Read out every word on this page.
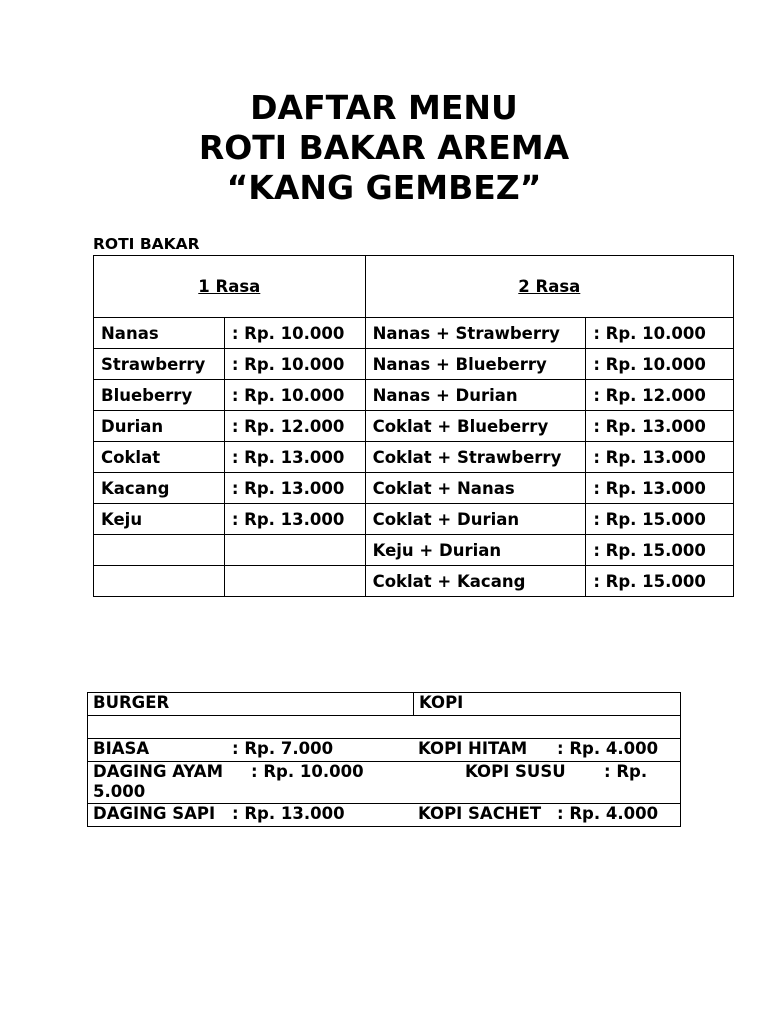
DAFTAR MENU
ROTI BAKAR AREMA
“KANG GEMBEZ”
ROTI BAKAR
1 Rasa		2 Rasa	
Nanas	: Rp. 10.000	Nanas + Strawberry	: Rp. 10.000
Strawberry	: Rp. 10.000	Nanas + Blueberry	: Rp. 10.000
Blueberry	: Rp. 10.000	Nanas + Durian	: Rp. 12.000
Durian	: Rp. 12.000	Coklat + Blueberry	: Rp. 13.000
Coklat	: Rp. 13.000	Coklat + Strawberry	: Rp. 13.000
Kacang	: Rp. 13.000	Coklat + Nanas	: Rp. 13.000
Keju	: Rp. 13.000	Coklat + Durian	: Rp. 15.000
		Keju + Durian	: Rp. 15.000
		Coklat + Kacang	: Rp. 15.000
BURGER	KOPI

BIASA	: Rp. 7.000	KOPI HITAM : Rp. 4.000

DAGING AYAM : Rp. 10.000	KOPI SUSU : Rp.
5.000

DAGING SAPI : Rp. 13.000	KOPI SACHET : Rp. 4.000
